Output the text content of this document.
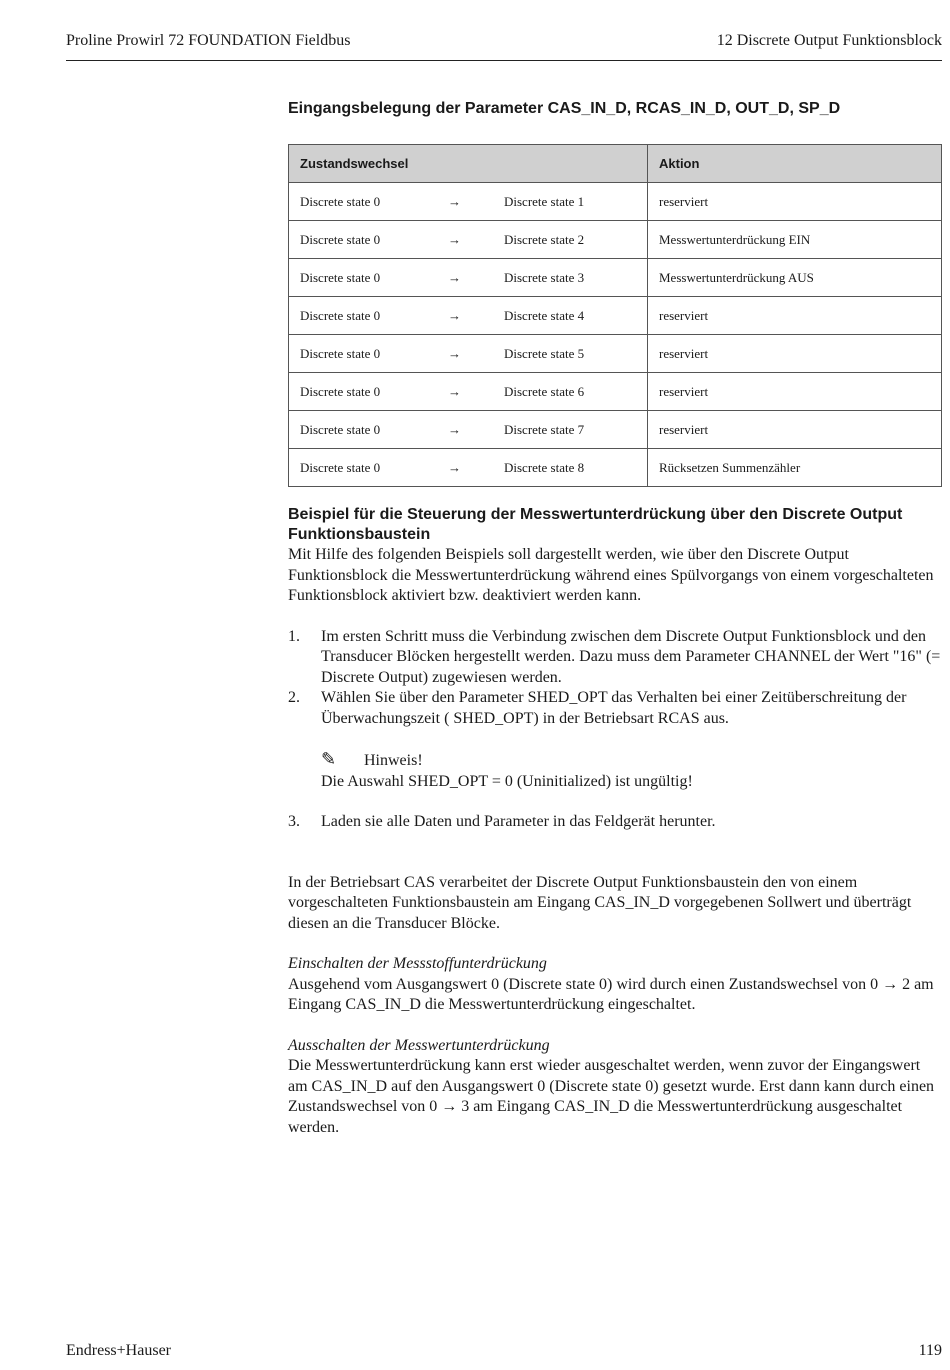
Proline Prowirl 72 FOUNDATION Fieldbus	12 Discrete Output Funktionsblock
Eingangsbelegung der Parameter CAS_IN_D, RCAS_IN_D, OUT_D, SP_D
Zustandswechsel	Aktion

Discrete state 0 → Discrete state 1	reserviert

Discrete state 0 → Discrete state 2	Messwertunterdrückung EIN

Discrete state 0 → Discrete state 3	Messwertunterdrückung AUS

Discrete state 0 → Discrete state 4	reserviert

Discrete state 0 → Discrete state 5	reserviert

Discrete state 0 → Discrete state 6	reserviert

Discrete state 0 → Discrete state 7	reserviert

Discrete state 0 → Discrete state 8	Rücksetzen Summenzähler
Beispiel für die Steuerung der Messwertunterdrückung über den Discrete Output Funktionsbaustein

Mit Hilfe des folgenden Beispiels soll dargestellt werden, wie über den Discrete Output Funktionsblock die Messwertunterdrückung während eines Spülvorgangs von einem vorgeschalteten Funktionsblock aktiviert bzw. deaktiviert werden kann.

1.	Im ersten Schritt muss die Verbindung zwischen dem Discrete Output Funktionsblock und den Transducer Blöcken hergestellt werden. Dazu muss dem Parameter CHANNEL der Wert "16" (= Discrete Output) zugewiesen werden.
2.	Wählen Sie über den Parameter SHED_OPT das Verhalten bei einer Zeitüberschreitung der Überwachungszeit ( SHED_OPT) in der Betriebsart RCAS aus.
✎ Hinweis!
Die Auswahl SHED_OPT = 0 (Uninitialized) ist ungültig!
3.	Laden sie alle Daten und Parameter in das Feldgerät herunter.

In der Betriebsart CAS verarbeitet der Discrete Output Funktionsbaustein den von einem vorgeschalteten Funktionsbaustein am Eingang CAS_IN_D vorgegebenen Sollwert und überträgt diesen an die Transducer Blöcke.

Einschalten der Messstoffunterdrückung

Ausgehend vom Ausgangswert 0 (Discrete state 0) wird durch einen Zustandswechsel von 0 → 2 am Eingang CAS_IN_D die Messwertunterdrückung eingeschaltet.

Ausschalten der Messwertunterdrückung

Die Messwertunterdrückung kann erst wieder ausgeschaltet werden, wenn zuvor der Eingangswert am CAS_IN_D auf den Ausgangswert 0 (Discrete state 0) gesetzt wurde. Erst dann kann durch einen Zustandswechsel von 0 → 3 am Eingang CAS_IN_D die Messwertunterdrückung ausgeschaltet werden.

Endress+Hauser	119
